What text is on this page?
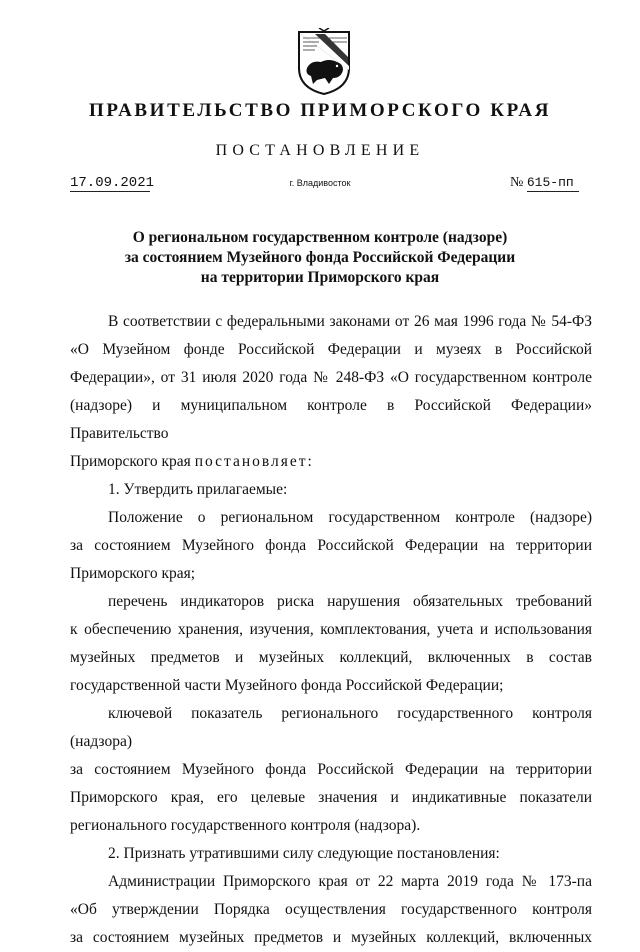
ПРАВИТЕЛЬСТВО ПРИМОРСКОГО КРАЯ
ПОСТАНОВЛЕНИЕ
17.09.2021	г. Владивосток	№ 615-пп
О региональном государственном контроле (надзоре)
за состоянием Музейного фонда Российской Федерации
на территории Приморского края

В соответствии с федеральными законами от 26 мая 1996 года № 54-ФЗ

«О Музейном фонде Российской Федерации и музеях в Российской

Федерации», от 31 июля 2020 года № 248-ФЗ «О государственном контроле

(надзоре) и муниципальном контроле в Российской Федерации» Правительство

Приморского края постановляет:

1. Утвердить прилагаемые:

Положение о региональном государственном контроле (надзоре)

за состоянием Музейного фонда Российской Федерации на территории

Приморского края;

перечень индикаторов риска нарушения обязательных требований

к обеспечению хранения, изучения, комплектования, учета и использования

музейных предметов и музейных коллекций, включенных в состав

государственной части Музейного фонда Российской Федерации;

ключевой показатель регионального государственного контроля (надзора)

за состоянием Музейного фонда Российской Федерации на территории

Приморского края, его целевые значения и индикативные показатели

регионального государственного контроля (надзора).

2. Признать утратившими силу следующие постановления:

Администрации Приморского края от 22 марта 2019 года № 173-па

«Об утверждении Порядка осуществления государственного контроля

за состоянием музейных предметов и музейных коллекций, включенных
